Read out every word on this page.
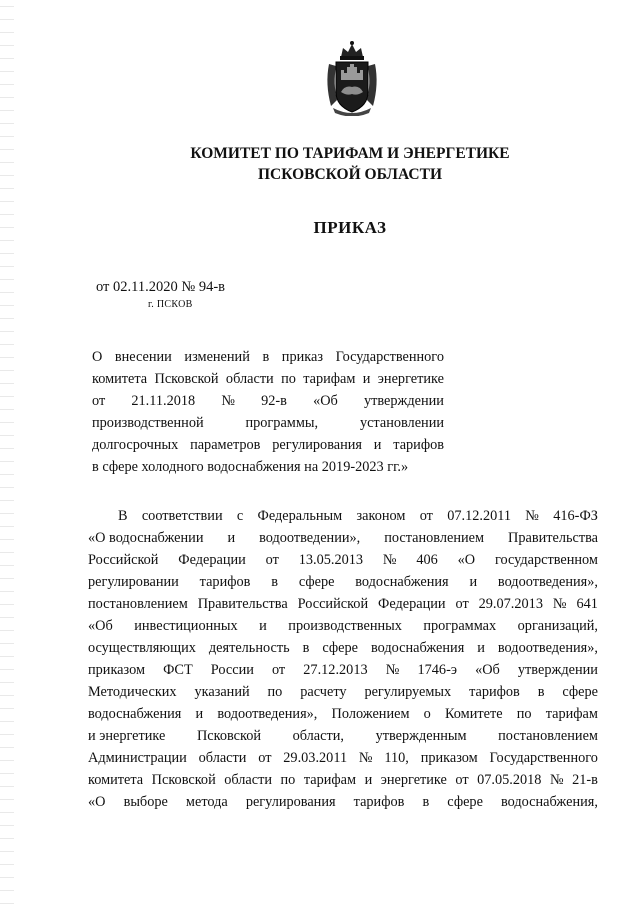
КОМИТЕТ ПО ТАРИФАМ И ЭНЕРГЕТИКЕ
ПСКОВСКОЙ ОБЛАСТИ
ПРИКАЗ
от 02.11.2020 № 94-в
г. ПСКОВ
О внесении изменений в приказ Государственного
комитета Псковской области по тарифам и энергетике
от 21.11.2018 № 92-в «Об утверждении
производственной	программы,	установлении
долгосрочных параметров регулирования и тарифов
в сфере холодного водоснабжения на 2019-2023 гг.»
В соответствии с Федеральным законом от 07.12.2011 № 416-ФЗ
«О водоснабжении и водоотведении», постановлением Правительства
Российской Федерации от 13.05.2013 № 406 «О государственном
регулировании тарифов в сфере водоснабжения и водоотведения»,
постановлением Правительства Российской Федерации от 29.07.2013 № 641
«Об инвестиционных и производственных программах организаций,
осуществляющих деятельность в сфере водоснабжения и водоотведения»,
приказом ФСТ России от 27.12.2013 № 1746-э «Об утверждении
Методических указаний по расчету регулируемых тарифов в сфере
водоснабжения и водоотведения», Положением о Комитете по тарифам
и энергетике Псковской области, утвержденным постановлением
Администрации области от 29.03.2011 № 110, приказом Государственного
комитета Псковской области по тарифам и энергетике от 07.05.2018 № 21-в
«О выборе метода регулирования тарифов в сфере водоснабжения,
